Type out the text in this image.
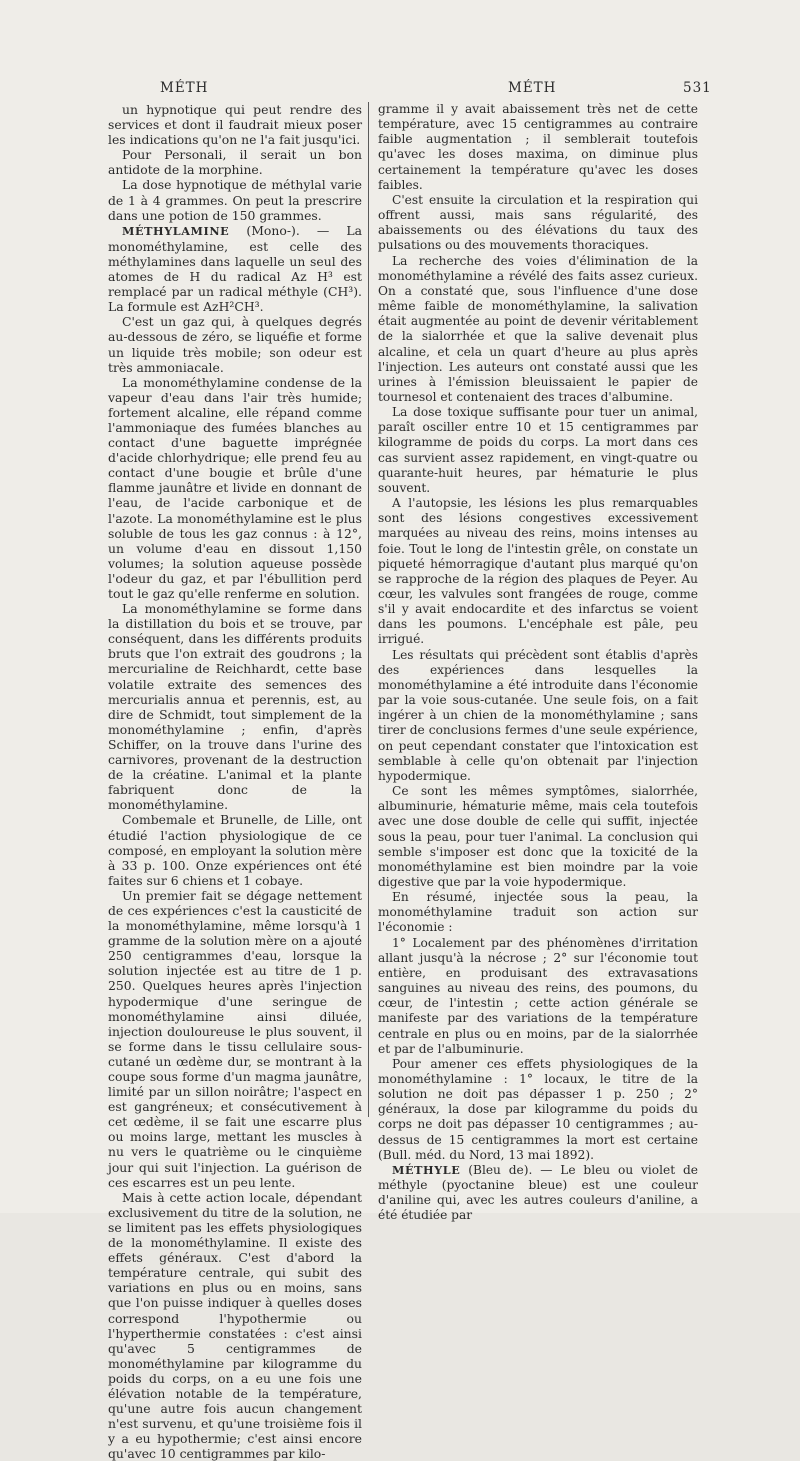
MÉTH	MÉTH	531

un hypnotique qui peut rendre des services et dont il faudrait mieux poser les indications qu'on ne l'a fait jusqu'ici.

Pour Personali, il serait un bon antidote de la morphine.

La dose hypnotique de méthylal varie de 1 à 4 grammes. On peut la prescrire dans une potion de 150 grammes.

MÉTHYLAMINE (Mono-). — La monométhylamine, est celle des méthylamines dans laquelle un seul des atomes de H du radical Az H³ est remplacé par un radical méthyle (CH³). La formule est AzH²CH³.

C'est un gaz qui, à quelques degrés au-dessous de zéro, se liquéfie et forme un liquide très mobile; son odeur est très ammoniacale.

La monométhylamine condense de la vapeur d'eau dans l'air très humide; fortement alcaline, elle répand comme l'ammoniaque des fumées blanches au contact d'une baguette imprégnée d'acide chlorhydrique; elle prend feu au contact d'une bougie et brûle d'une flamme jaunâtre et livide en donnant de l'eau, de l'acide carbonique et de l'azote. La monométhylamine est le plus soluble de tous les gaz connus : à 12°, un volume d'eau en dissout 1,150 volumes; la solution aqueuse possède l'odeur du gaz, et par l'ébullition perd tout le gaz qu'elle renferme en solution.

La monométhylamine se forme dans la distillation du bois et se trouve, par conséquent, dans les différents produits bruts que l'on extrait des goudrons ; la mercurialine de Reichhardt, cette base volatile extraite des semences des mercurialis annua et perennis, est, au dire de Schmidt, tout simplement de la monométhylamine ; enfin, d'après Schiffer, on la trouve dans l'urine des carnivores, provenant de la destruction de la créatine. L'animal et la plante fabriquent donc de la monométhylamine.

Combemale et Brunelle, de Lille, ont étudié l'action physiologique de ce composé, en employant la solution mère à 33 p. 100. Onze expériences ont été faites sur 6 chiens et 1 cobaye.

Un premier fait se dégage nettement de ces expériences c'est la causticité de la monométhylamine, même lorsqu'à 1 gramme de la solution mère on a ajouté 250 centigrammes d'eau, lorsque la solution injectée est au titre de 1 p. 250. Quelques heures après l'injection hypodermique d'une seringue de monométhylamine ainsi diluée, injection douloureuse le plus souvent, il se forme dans le tissu cellulaire sous-cutané un œdème dur, se montrant à la coupe sous forme d'un magma jaunâtre, limité par un sillon noirâtre; l'aspect en est gangréneux; et consécutivement à cet œdème, il se fait une escarre plus ou moins large, mettant les muscles à nu vers le quatrième ou le cinquième jour qui suit l'injection. La guérison de ces escarres est un peu lente.

Mais à cette action locale, dépendant exclusivement du titre de la solution, ne se limitent pas les effets physiologiques de la monométhylamine. Il existe des effets généraux. C'est d'abord la température centrale, qui subit des variations en plus ou en moins, sans que l'on puisse indiquer à quelles doses correspond l'hypothermie ou l'hyperthermie constatées : c'est ainsi qu'avec 5 centigrammes de monométhylamine par kilogramme du poids du corps, on a eu une fois une élévation notable de la température, qu'une autre fois aucun changement n'est survenu, et qu'une troisième fois il y a eu hypothermie; c'est ainsi encore qu'avec 10 centigrammes par kilo-

gramme il y avait abaissement très net de cette température, avec 15 centigrammes au contraire faible augmentation ; il semblerait toutefois qu'avec les doses maxima, on diminue plus certainement la température qu'avec les doses faibles.

C'est ensuite la circulation et la respiration qui offrent aussi, mais sans régularité, des abaissements ou des élévations du taux des pulsations ou des mouvements thoraciques.

La recherche des voies d'élimination de la monométhylamine a révélé des faits assez curieux. On a constaté que, sous l'influence d'une dose même faible de monométhylamine, la salivation était augmentée au point de devenir véritablement de la sialorrhée et que la salive devenait plus alcaline, et cela un quart d'heure au plus après l'injection. Les auteurs ont constaté aussi que les urines à l'émission bleuissaient le papier de tournesol et contenaient des traces d'albumine.

La dose toxique suffisante pour tuer un animal, paraît osciller entre 10 et 15 centigrammes par kilogramme de poids du corps. La mort dans ces cas survient assez rapidement, en vingt-quatre ou quarante-huit heures, par hématurie le plus souvent.

A l'autopsie, les lésions les plus remarquables sont des lésions congestives excessivement marquées au niveau des reins, moins intenses au foie. Tout le long de l'intestin grêle, on constate un piqueté hémorragique d'autant plus marqué qu'on se rapproche de la région des plaques de Peyer. Au cœur, les valvules sont frangées de rouge, comme s'il y avait endocardite et des infarctus se voient dans les poumons. L'encéphale est pâle, peu irrigué.

Les résultats qui précèdent sont établis d'après des expériences dans lesquelles la monométhylamine a été introduite dans l'économie par la voie sous-cutanée. Une seule fois, on a fait ingérer à un chien de la monométhylamine ; sans tirer de conclusions fermes d'une seule expérience, on peut cependant constater que l'intoxication est semblable à celle qu'on obtenait par l'injection hypodermique.

Ce sont les mêmes symptômes, sialorrhée, albuminurie, hématurie même, mais cela toutefois avec une dose double de celle qui suffit, injectée sous la peau, pour tuer l'animal. La conclusion qui semble s'imposer est donc que la toxicité de la monométhylamine est bien moindre par la voie digestive que par la voie hypodermique.

En résumé, injectée sous la peau, la monométhylamine traduit son action sur l'économie :

1° Localement par des phénomènes d'irritation allant jusqu'à la nécrose ; 2° sur l'économie tout entière, en produisant des extravasations sanguines au niveau des reins, des poumons, du cœur, de l'intestin ; cette action générale se manifeste par des variations de la température centrale en plus ou en moins, par de la sialorrhée et par de l'albuminurie.

Pour amener ces effets physiologiques de la monométhylamine : 1° locaux, le titre de la solution ne doit pas dépasser 1 p. 250 ; 2° généraux, la dose par kilogramme du poids du corps ne doit pas dépasser 10 centigrammes ; au-dessus de 15 centigrammes la mort est certaine (Bull. méd. du Nord, 13 mai 1892).

MÉTHYLE (Bleu de). — Le bleu ou violet de méthyle (pyoctanine bleue) est une couleur d'aniline qui, avec les autres couleurs d'aniline, a été étudiée par
